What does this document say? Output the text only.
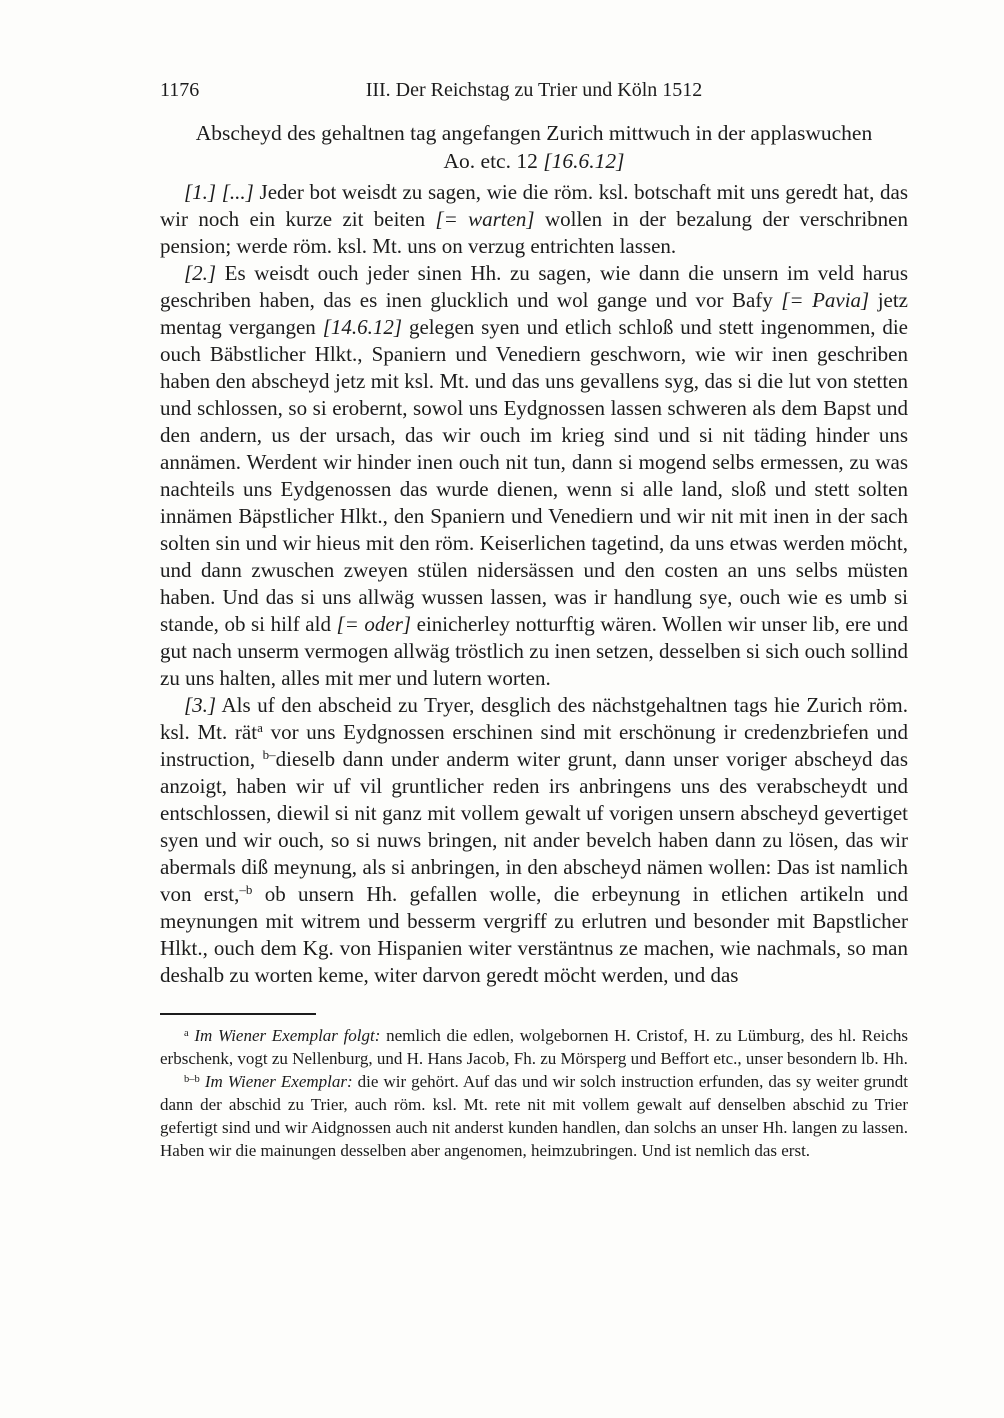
1176	III. Der Reichstag zu Trier und Köln 1512
Abscheyd des gehaltnen tag angefangen Zurich mittwuch in der applaswuchen
Ao. etc. 12 [16.6.12]

[1.] [...] Jeder bot weisdt zu sagen, wie die röm. ksl. botschaft mit uns geredt hat, das wir noch ein kurze zit beiten [= warten] wollen in der bezalung der verschribnen pension; werde röm. ksl. Mt. uns on verzug entrichten lassen.

[2.] Es weisdt ouch jeder sinen Hh. zu sagen, wie dann die unsern im veld harus geschriben haben, das es inen glucklich und wol gange und vor Bafy [= Pavia] jetz mentag vergangen [14.6.12] gelegen syen und etlich schloß und stett ingenommen, die ouch Bäbstlicher Hlkt., Spaniern und Venediern geschworn, wie wir inen geschriben haben den abscheyd jetz mit ksl. Mt. und das uns gevallens syg, das si die lut von stetten und schlossen, so si erobernt, sowol uns Eydgnossen lassen schweren als dem Bapst und den andern, us der ursach, das wir ouch im krieg sind und si nit täding hinder uns annämen. Werdent wir hinder inen ouch nit tun, dann si mogend selbs ermessen, zu was nachteils uns Eydgenossen das wurde dienen, wenn si alle land, sloß und stett solten innämen Bäpstlicher Hlkt., den Spaniern und Venediern und wir nit mit inen in der sach solten sin und wir hieus mit den röm. Keiserlichen tagetind, da uns etwas werden möcht, und dann zwuschen zweyen stülen nidersässen und den costen an uns selbs müsten haben. Und das si uns allwäg wussen lassen, was ir handlung sye, ouch wie es umb si stande, ob si hilf ald [= oder] einicherley notturftig wären. Wollen wir unser lib, ere und gut nach unserm vermogen allwäg tröstlich zu inen setzen, desselben si sich ouch sollind zu uns halten, alles mit mer und lutern worten.

[3.] Als uf den abscheid zu Tryer, desglich des nächstgehaltnen tags hie Zurich röm. ksl. Mt. rät$^a$ vor uns Eydgnossen erschinen sind mit erschönung ir credenzbriefen und instruction, $^{b-}$dieselb dann under anderm witer grunt, dann unser voriger abscheyd das anzoigt, haben wir uf vil gruntlicher reden irs anbringens uns des verabscheydt und entschlossen, diewil si nit ganz mit vollem gewalt uf vorigen unsern abscheyd gevertiget syen und wir ouch, so si nuws bringen, nit ander bevelch haben dann zu lösen, das wir abermals diß meynung, als si anbringen, in den abscheyd nämen wollen: Das ist namlich von erst,$^{-b}$ ob unsern Hh. gefallen wolle, die erbeynung in etlichen artikeln und meynungen mit witrem und besserm vergriff zu erlutren und besonder mit Bapstlicher Hlkt., ouch dem Kg. von Hispanien witer verstäntnus ze machen, wie nachmals, so man deshalb zu worten keme, witer darvon geredt möcht werden, und das

$^a$ Im Wiener Exemplar folgt: nemlich die edlen, wolgebornen H. Cristof, H. zu Lümburg, des hl. Reichs erbschenk, vogt zu Nellenburg, und H. Hans Jacob, Fh. zu Mörsperg und Beffort etc., unser besondern lb. Hh.

$^{b-b}$ Im Wiener Exemplar: die wir gehört. Auf das und wir solch instruction erfunden, das sy weiter grundt dann der abschid zu Trier, auch röm. ksl. Mt. rete nit mit vollem gewalt auf denselben abschid zu Trier gefertigt sind und wir Aidgnossen auch nit anderst kunden handlen, dan solchs an unser Hh. langen zu lassen. Haben wir die mainungen desselben aber angenomen, heimzubringen. Und ist nemlich das erst.
